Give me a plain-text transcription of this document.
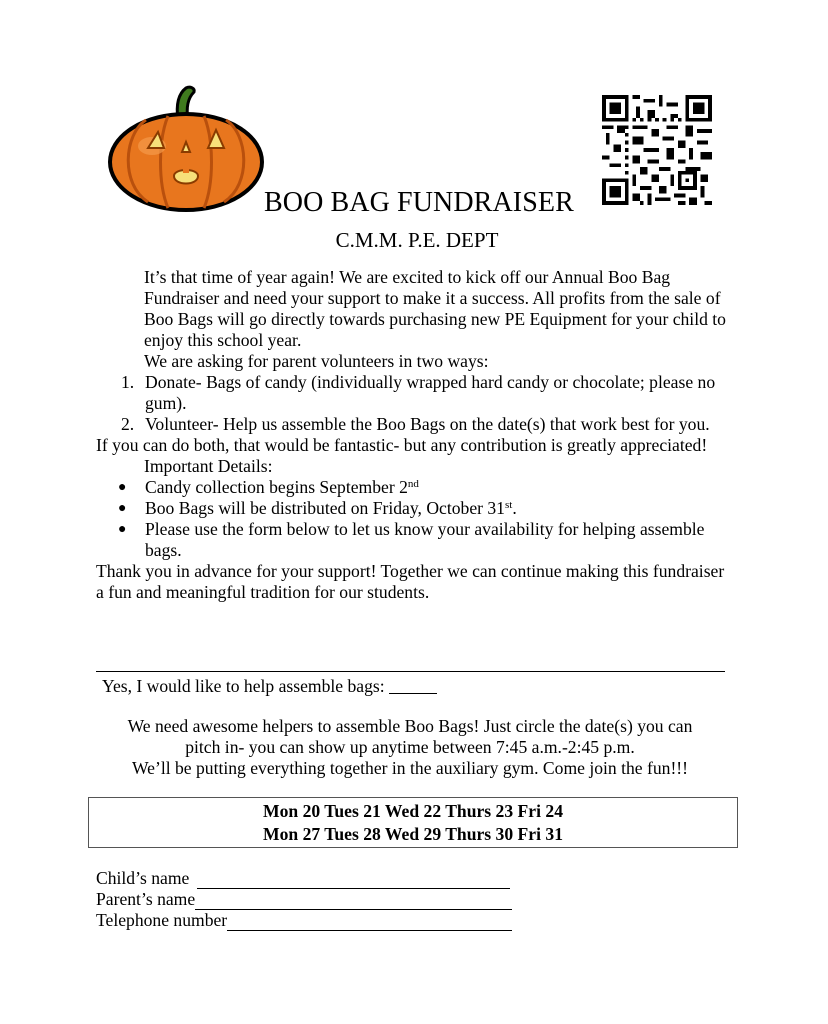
BOO BAG FUNDRAISER
C.M.M. P.E. DEPT

It’s that time of year again! We are excited to kick off our Annual Boo Bag Fundraiser and need your support to make it a success. All profits from the sale of Boo Bags will go directly towards purchasing new PE Equipment for your child to enjoy this school year.

We are asking for parent volunteers in two ways:

1. Donate- Bags of candy (individually wrapped hard candy or chocolate; please no gum).
2. Volunteer- Help us assemble the Boo Bags on the date(s) that work best for you.

If you can do both, that would be fantastic- but any contribution is greatly appreciated!

Important Details:

● Candy collection begins September 2nd
● Boo Bags will be distributed on Friday, October 31st.
● Please use the form below to let us know your availability for helping assemble bags.

Thank you in advance for your support! Together we can continue making this fundraiser a fun and meaningful tradition for our students.

Yes, I would like to help assemble bags:
We need awesome helpers to assemble Boo Bags! Just circle the date(s) you can
pitch in- you can show up anytime between 7:45 a.m.-2:45 p.m.
We’ll be putting everything together in the auxiliary gym. Come join the fun!!!
Mon 20 Tues 21 Wed 22 Thurs 23 Fri 24
Mon 27 Tues 28 Wed 29 Thurs 30 Fri 31
Child’s name
Parent’s name
Telephone number
